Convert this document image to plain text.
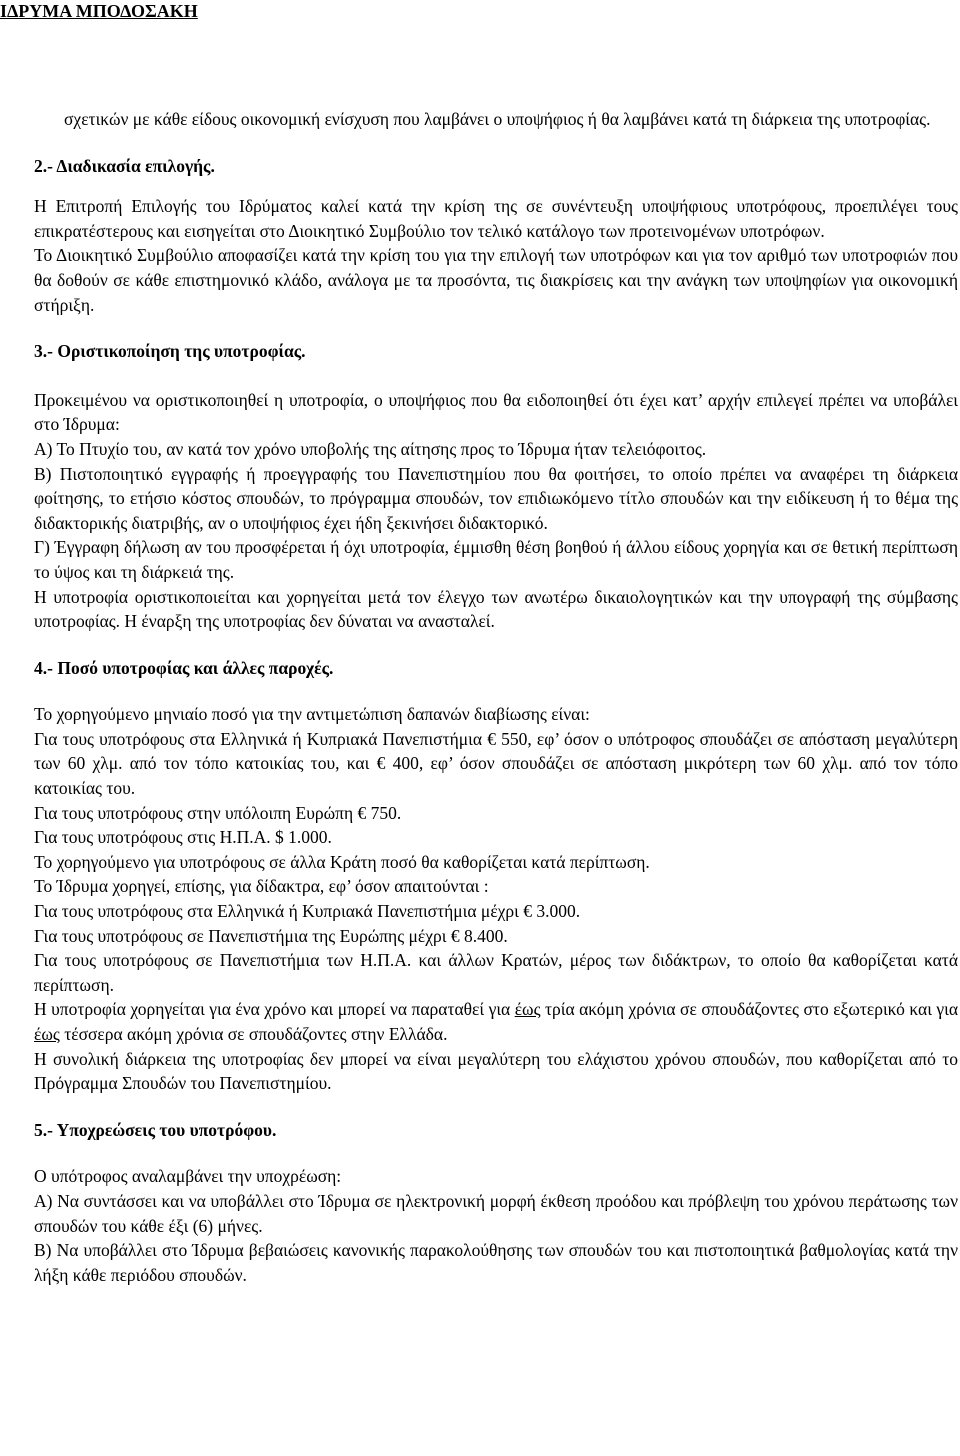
ΙΔΡΥΜΑ ΜΠΟΔΟΣΑΚΗ

σχετικών με κάθε είδους οικονομική ενίσχυση που λαμβάνει ο υποψήφιος ή θα λαμβάνει κατά τη διάρκεια της υποτροφίας.

2.- Διαδικασία επιλογής.

Η Επιτροπή Επιλογής του Ιδρύματος καλεί κατά την κρίση της σε συνέντευξη υποψήφιους υποτρόφους, προεπιλέγει τους επικρατέστερους και εισηγείται στο Διοικητικό Συμβούλιο τον τελικό κατάλογο των προτεινομένων υποτρόφων.

Το Διοικητικό Συμβούλιο αποφασίζει κατά την κρίση του για την επιλογή των υποτρόφων και για τον αριθμό των υποτροφιών που θα δοθούν σε κάθε επιστημονικό κλάδο, ανάλογα με τα προσόντα, τις διακρίσεις και την ανάγκη των υποψηφίων για οικονομική στήριξη.

3.- Οριστικοποίηση της υποτροφίας.

Προκειμένου να οριστικοποιηθεί η υποτροφία, ο υποψήφιος που θα ειδοποιηθεί ότι έχει κατ’ αρχήν επιλεγεί πρέπει να υποβάλει στο Ίδρυμα:

Α) Το Πτυχίο του, αν κατά τον χρόνο υποβολής της αίτησης προς το Ίδρυμα ήταν τελειόφοιτος.

Β) Πιστοποιητικό εγγραφής ή προεγγραφής του Πανεπιστημίου που θα φοιτήσει, το οποίο πρέπει να αναφέρει τη διάρκεια φοίτησης, το ετήσιο κόστος σπουδών, το πρόγραμμα σπουδών, τον επιδιωκόμενο τίτλο σπουδών και την ειδίκευση ή το θέμα της διδακτορικής διατριβής, αν ο υποψήφιος έχει ήδη ξεκινήσει διδακτορικό.

Γ) Έγγραφη δήλωση αν του προσφέρεται ή όχι υποτροφία, έμμισθη θέση βοηθού ή άλλου είδους χορηγία και σε θετική περίπτωση το ύψος και τη διάρκειά της.

Η υποτροφία οριστικοποιείται και χορηγείται μετά τον έλεγχο των ανωτέρω δικαιολογητικών και την υπογραφή της σύμβασης υποτροφίας. Η έναρξη της υποτροφίας δεν δύναται να ανασταλεί.

4.- Ποσό υποτροφίας και άλλες παροχές.

Το χορηγούμενο μηνιαίο ποσό για την αντιμετώπιση δαπανών διαβίωσης είναι:

Για τους υποτρόφους στα Ελληνικά ή Κυπριακά Πανεπιστήμια € 550, εφ’ όσον ο υπότροφος σπουδάζει σε απόσταση μεγαλύτερη των 60 χλμ. από τον τόπο κατοικίας του, και € 400, εφ’ όσον σπουδάζει σε απόσταση μικρότερη των 60 χλμ. από τον τόπο κατοικίας του.

Για τους υποτρόφους στην υπόλοιπη Ευρώπη € 750.

Για τους υποτρόφους στις Η.Π.Α. $ 1.000.

Το χορηγούμενο για υποτρόφους σε άλλα Κράτη ποσό θα καθορίζεται κατά περίπτωση.

Το Ίδρυμα χορηγεί, επίσης, για δίδακτρα, εφ’ όσον απαιτούνται :

Για τους υποτρόφους στα Ελληνικά ή Κυπριακά Πανεπιστήμια μέχρι € 3.000.

Για τους υποτρόφους σε Πανεπιστήμια της Ευρώπης μέχρι € 8.400.

Για τους υποτρόφους σε Πανεπιστήμια των Η.Π.Α. και άλλων Κρατών, μέρος των διδάκτρων, το οποίο θα καθορίζεται κατά περίπτωση.

Η υποτροφία χορηγείται για ένα χρόνο και μπορεί να παραταθεί για έως τρία ακόμη χρόνια σε σπουδάζοντες στο εξωτερικό και για έως τέσσερα ακόμη χρόνια σε σπουδάζοντες στην Ελλάδα.

Η συνολική διάρκεια της υποτροφίας δεν μπορεί να είναι μεγαλύτερη του ελάχιστου χρόνου σπουδών, που καθορίζεται από το Πρόγραμμα Σπουδών του Πανεπιστημίου.

5.- Υποχρεώσεις του υποτρόφου.

Ο υπότροφος αναλαμβάνει την υποχρέωση:

Α) Να συντάσσει και να υποβάλλει στο Ίδρυμα σε ηλεκτρονική μορφή έκθεση προόδου και πρόβλεψη του χρόνου περάτωσης των σπουδών του κάθε έξι (6) μήνες.

Β) Να υποβάλλει στο Ίδρυμα βεβαιώσεις κανονικής παρακολούθησης των σπουδών του και πιστοποιητικά βαθμολογίας κατά την λήξη κάθε περιόδου σπουδών.
